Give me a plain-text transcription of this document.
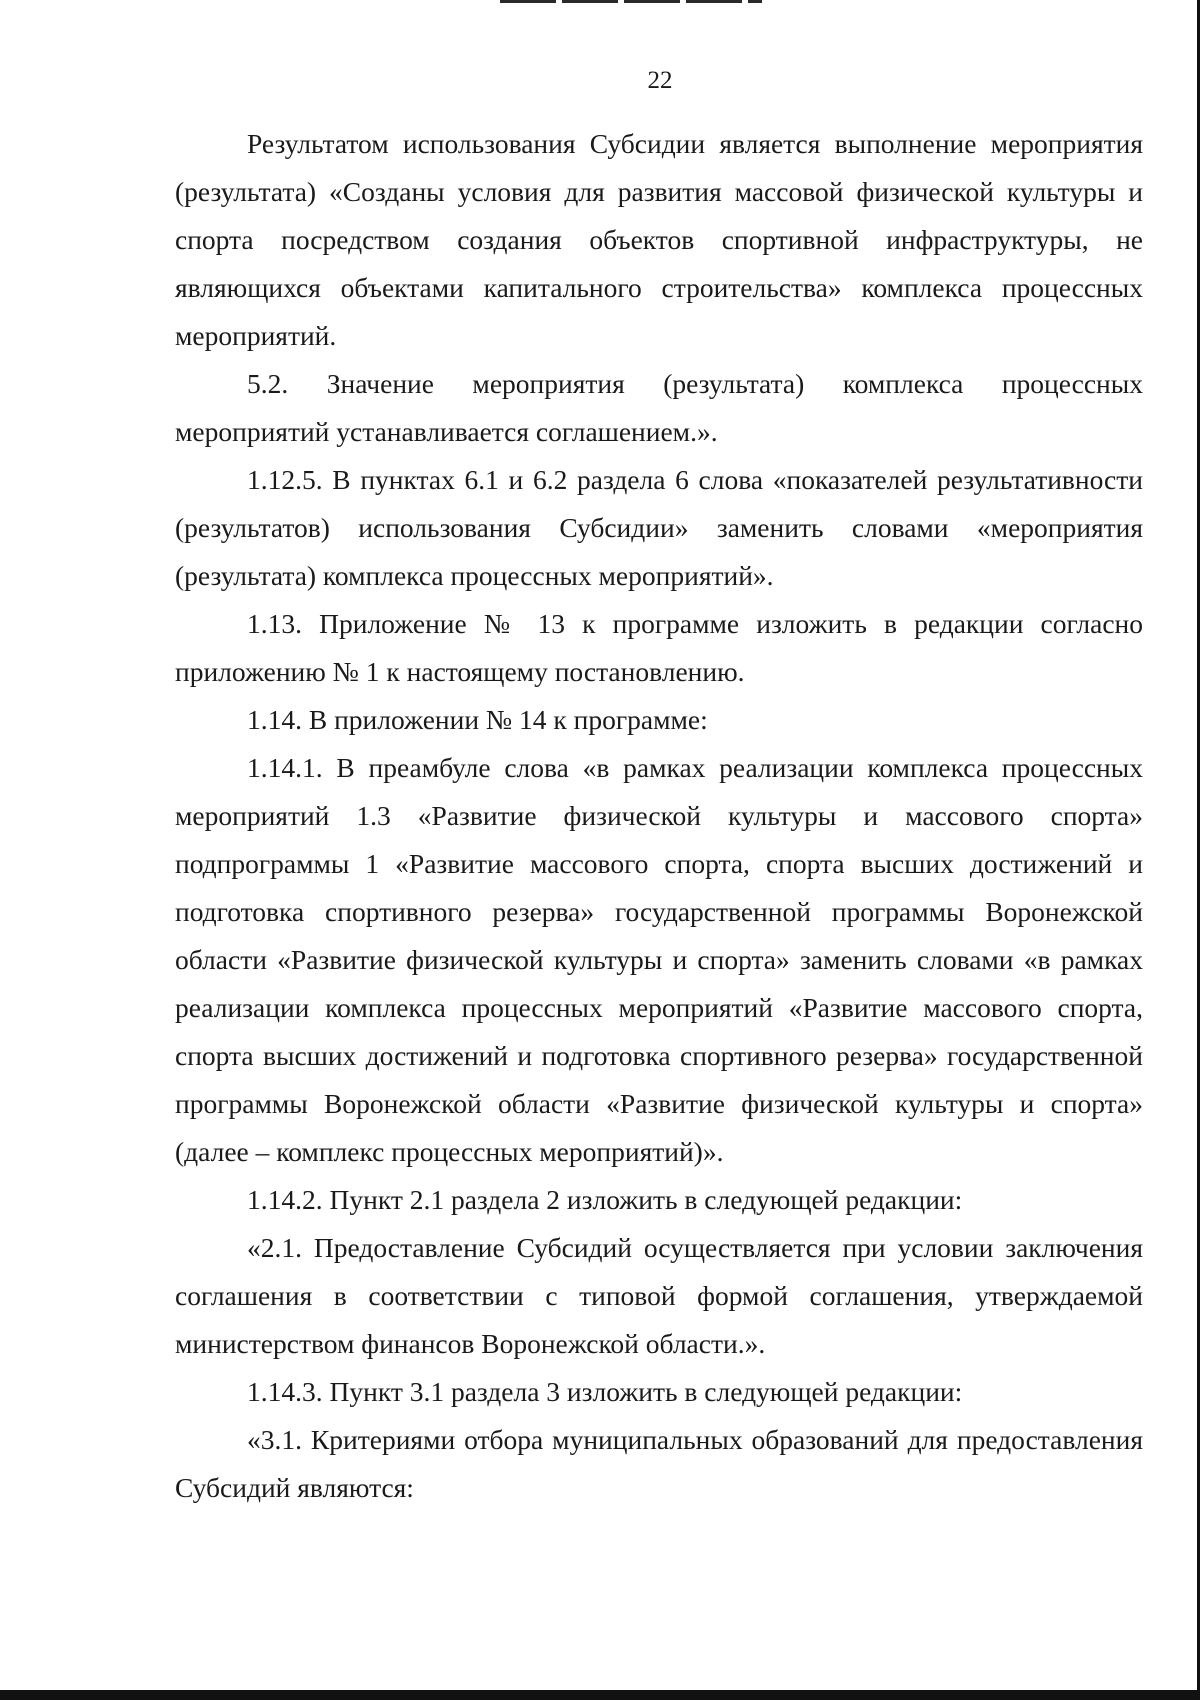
22

Результатом использования Субсидии является выполнение мероприятия (результата) «Созданы условия для развития массовой физической культуры и спорта посредством создания объектов спортивной инфраструктуры, не являющихся объектами капитального строительства» комплекса процессных мероприятий.

5.2. Значение мероприятия (результата) комплекса процессных мероприятий устанавливается соглашением.».

1.12.5. В пунктах 6.1 и 6.2 раздела 6 слова «показателей результативности (результатов) использования Субсидии» заменить словами «мероприятия (результата) комплекса процессных мероприятий».

1.13. Приложение № 13 к программе изложить в редакции согласно приложению № 1 к настоящему постановлению.

1.14. В приложении № 14 к программе:

1.14.1. В преамбуле слова «в рамках реализации комплекса процессных мероприятий 1.3 «Развитие физической культуры и массового спорта» подпрограммы 1 «Развитие массового спорта, спорта высших достижений и подготовка спортивного резерва» государственной программы Воронежской области «Развитие физической культуры и спорта» заменить словами «в рамках реализации комплекса процессных мероприятий «Развитие массового спорта, спорта высших достижений и подготовка спортивного резерва» государственной программы Воронежской области «Развитие физической культуры и спорта» (далее – комплекс процессных мероприятий)».

1.14.2. Пункт 2.1 раздела 2 изложить в следующей редакции:

«2.1. Предоставление Субсидий осуществляется при условии заключения соглашения в соответствии с типовой формой соглашения, утверждаемой министерством финансов Воронежской области.».

1.14.3. Пункт 3.1 раздела 3 изложить в следующей редакции:

«3.1. Критериями отбора муниципальных образований для предоставления Субсидий являются:
